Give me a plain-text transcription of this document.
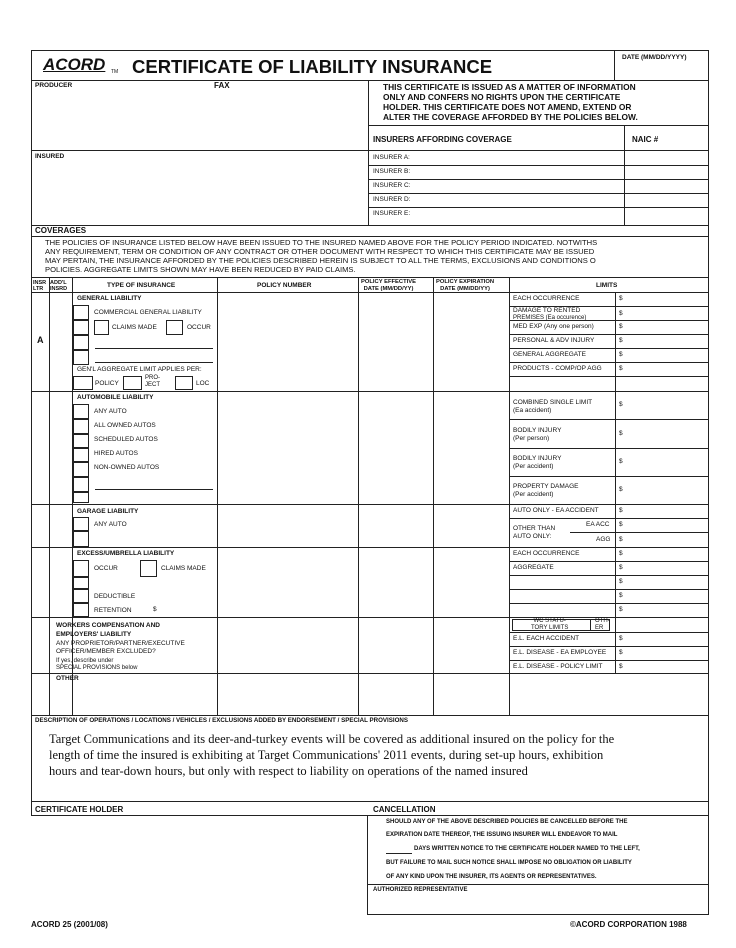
ACORD TM CERTIFICATE OF LIABILITY INSURANCE	DATE (MM/DD/YYYY)
PRODUCER	FAX	THIS CERTIFICATE IS ISSUED AS A MATTER OF INFORMATION
ONLY AND CONFERS NO RIGHTS UPON THE CERTIFICATE
HOLDER. THIS CERTIFICATE DOES NOT AMEND, EXTEND OR
ALTER THE COVERAGE AFFORDED BY THE POLICIES BELOW.
INSURERS AFFORDING COVERAGE	NAIC #
INSURED	INSURER A:
INSURER B:
INSURER C:
INSURER D:
INSURER E:
COVERAGES
THE POLICIES OF INSURANCE LISTED BELOW HAVE BEEN ISSUED TO THE INSURED NAMED ABOVE FOR THE POLICY PERIOD INDICATED. NOTWITHS
ANY REQUIREMENT, TERM OR CONDITION OF ANY CONTRACT OR OTHER DOCUMENT WITH RESPECT TO WHICH THIS CERTIFICATE MAY BE ISSUED
MAY PERTAIN, THE INSURANCE AFFORDED BY THE POLICIES DESCRIBED HEREIN IS SUBJECT TO ALL THE TERMS, EXCLUSIONS AND CONDITIONS O
POLICIES. AGGREGATE LIMITS SHOWN MAY HAVE BEEN REDUCED BY PAID CLAIMS.
INSR
LTR
ADD'L
INSRD	TYPE OF INSURANCE	POLICY NUMBER	POLICY EFFECTIVE
DATE (MM/DD/YY)
POLICY EXPIRATION
DATE (MM/DD/YY)	LIMITS
A
GENERAL LIABILITY
COMMERCIAL GENERAL LIABILITY
CLAIMS MADE	OCCUR
GEN'L AGGREGATE LIMIT APPLIES PER:
POLICY
PRO-
JECT	LOC
EACH OCCURRENCE	$
DAMAGE TO RENTED
PREMISES (Ea occurence)
$
MED EXP (Any one person)	$
PERSONAL & ADV INJURY	$
GENERAL AGGREGATE	$
PRODUCTS - COMP/OP AGG	$
AUTOMOBILE LIABILITY
ANY AUTO
ALL OWNED AUTOS
SCHEDULED AUTOS
HIRED AUTOS
NON-OWNED AUTOS
COMBINED SINGLE LIMIT
(Ea accident)
$
BODILY INJURY
(Per person)
$
BODILY INJURY
(Per accident)
$
PROPERTY DAMAGE
(Per accident)
$
GARAGE LIABILITY
ANY AUTO
AUTO ONLY - EA ACCIDENT	$
OTHER THAN
AUTO ONLY:
EA ACC $
AGG $
EXCESS/UMBRELLA LIABILITY
OCCUR	CLAIMS MADE
DEDUCTIBLE
RETENTION	$
EACH OCCURRENCE	$
AGGREGATE	$
$
$
$
WORKERS COMPENSATION AND
EMPLOYERS' LIABILITY
ANY PROPRIETOR/PARTNER/EXECUTIVE
OFFICER/MEMBER EXCLUDED?
If yes, describe under
SPECIAL PROVISIONS below
WC STATU-
TORY LIMITS
OTH-
ER
E.L. EACH ACCIDENT	$
E.L. DISEASE - EA EMPLOYEE $
E.L. DISEASE - POLICY LIMIT	$
OTHER
DESCRIPTION OF OPERATIONS / LOCATIONS / VEHICLES / EXCLUSIONS ADDED BY ENDORSEMENT / SPECIAL PROVISIONS
Target Communications and its deer-and-turkey events will be covered as additional insured on the policy for the
length of time the insured is exhibiting at Target Communications' 2011 events, during set-up hours, exhibition
hours and tear-down hours, but only with respect to liability on operations of the named insured
CERTIFICATE HOLDER	CANCELLATION
SHOULD ANY OF THE ABOVE DESCRIBED POLICIES BE CANCELLED BEFORE THE
EXPIRATION DATE THEREOF, THE ISSUING INSURER WILL ENDEAVOR TO MAIL
DAYS WRITTEN NOTICE TO THE CERTIFICATE HOLDER NAMED TO THE LEFT,
BUT FAILURE TO MAIL SUCH NOTICE SHALL IMPOSE NO OBLIGATION OR LIABILITY
OF ANY KIND UPON THE INSURER, ITS AGENTS OR REPRESENTATIVES.
AUTHORIZED REPRESENTATIVE
ACORD 25 (2001/08)	©ACORD CORPORATION 1988
